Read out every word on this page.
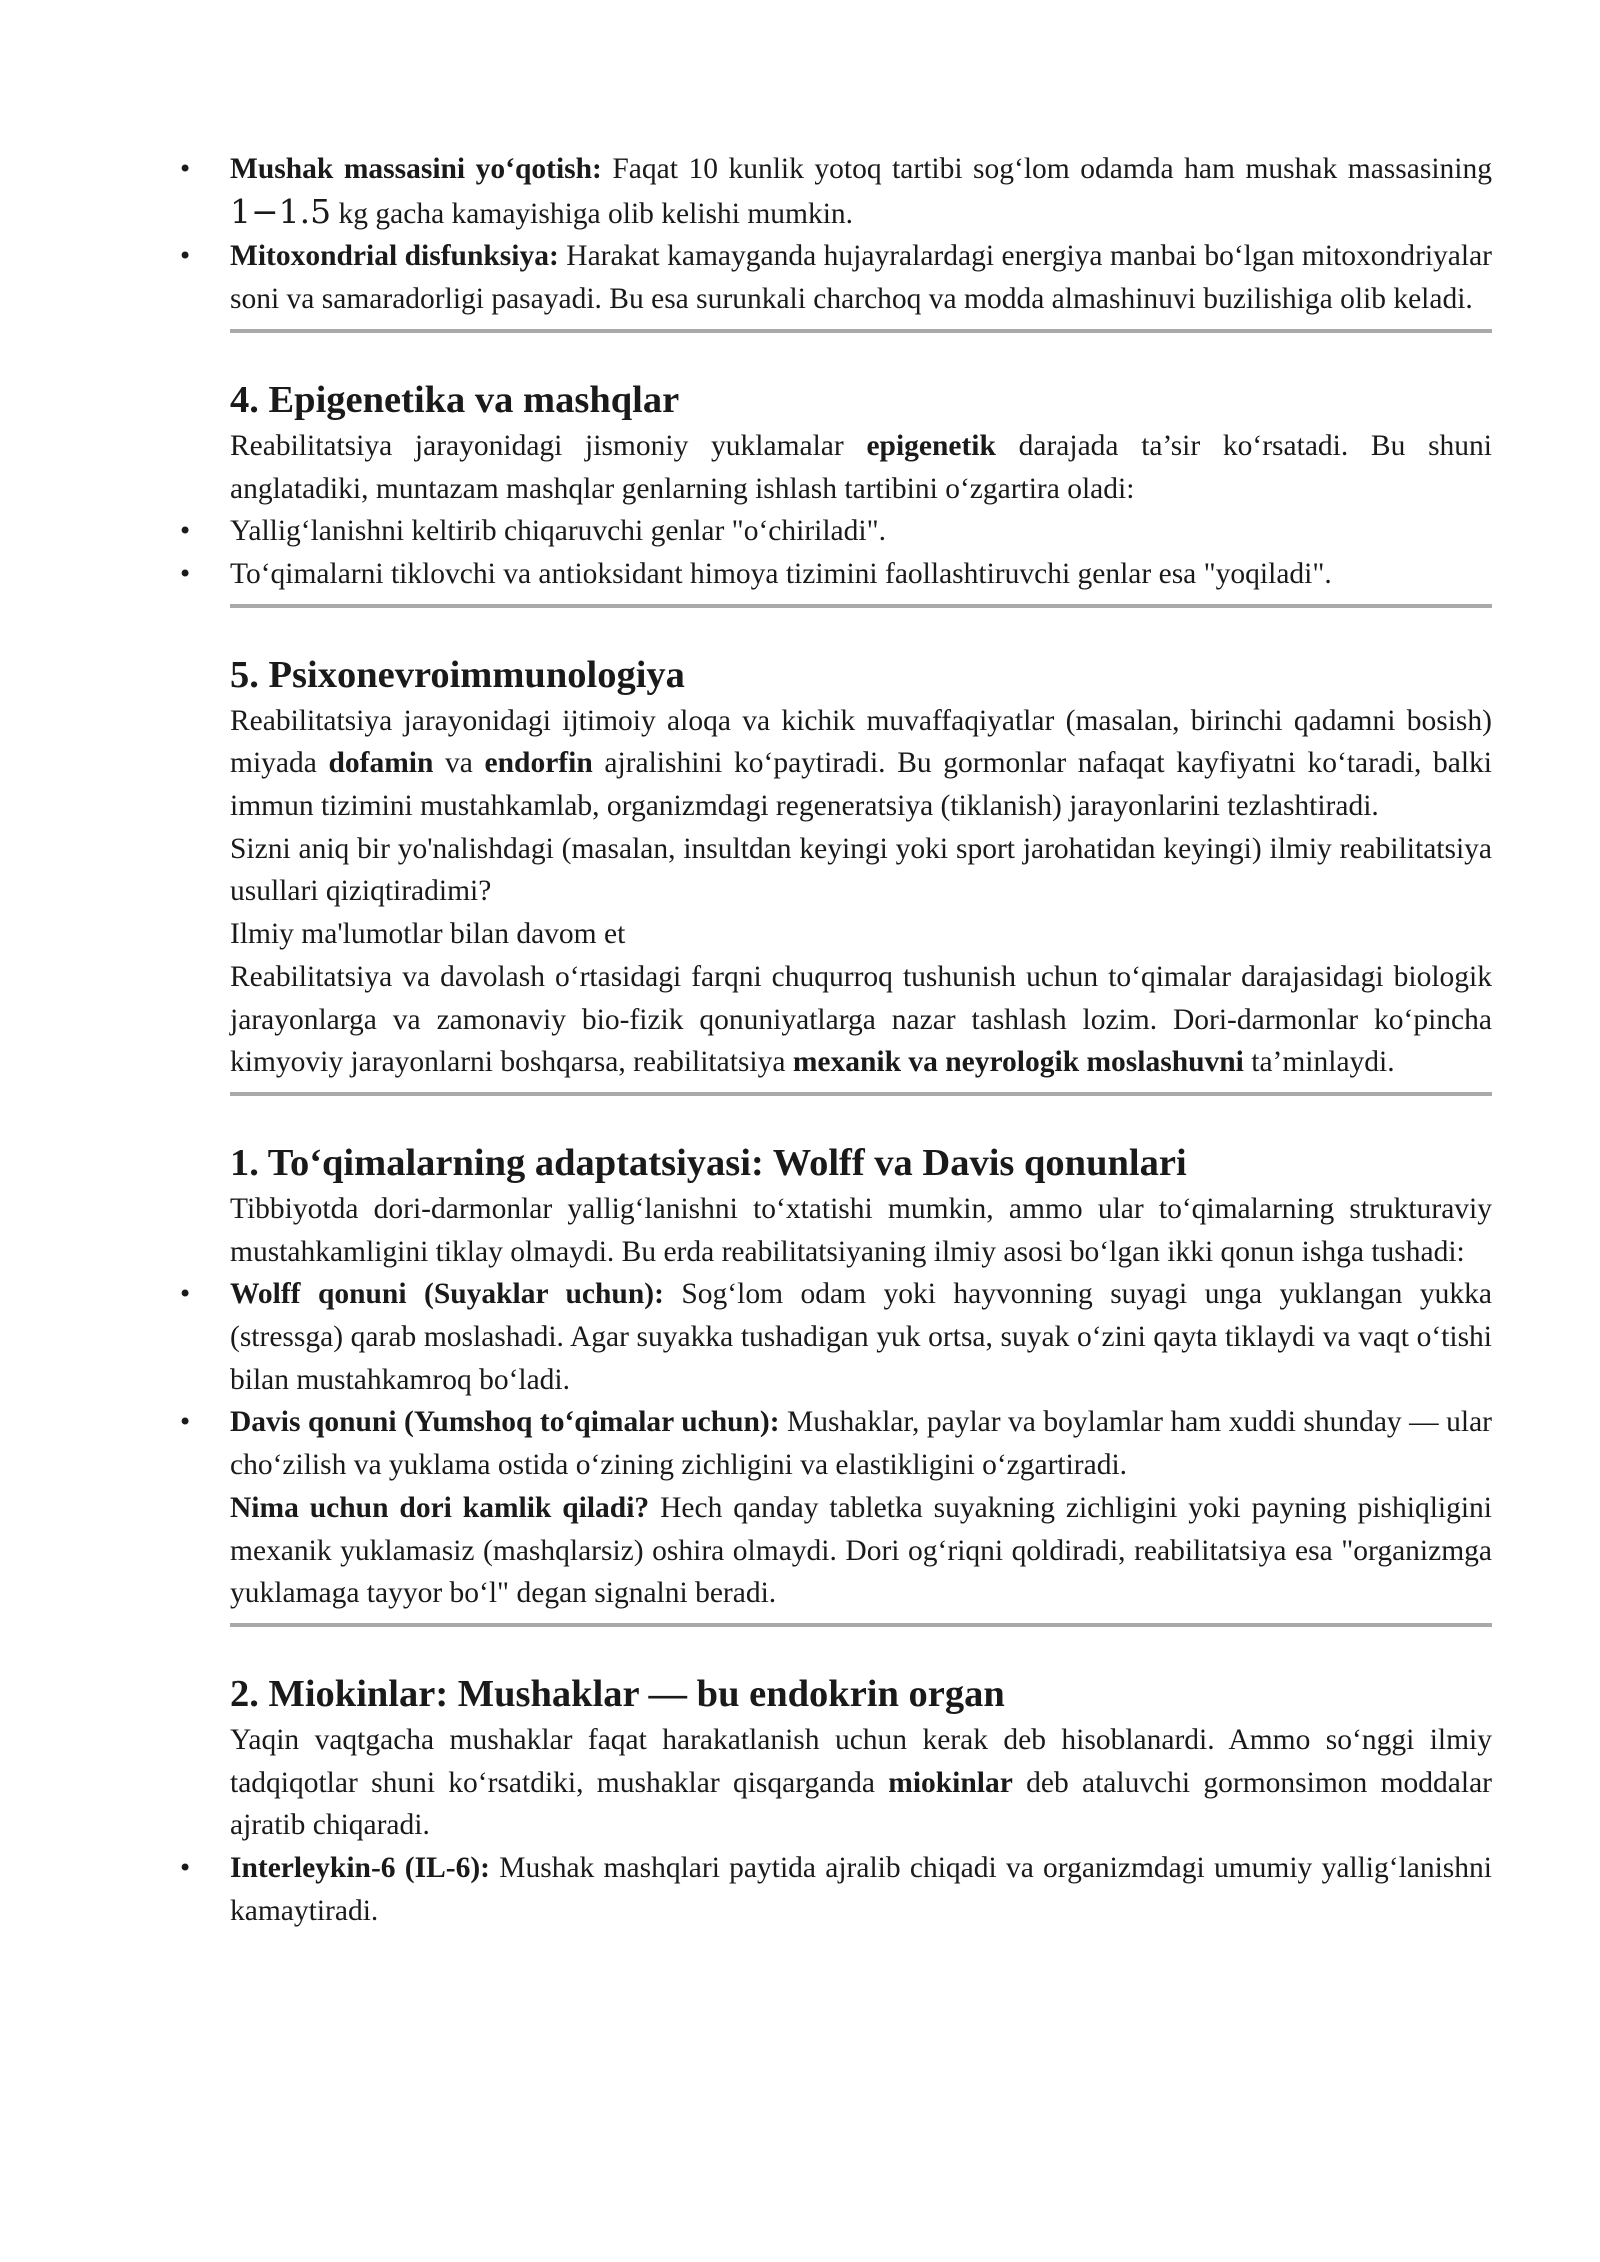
• Mushak massasini yo‘qotish: Faqat 10 kunlik yotoq tartibi sog‘lom odamda ham mushak massasining 1−1.5 kg gacha kamayishiga olib kelishi mumkin.
• Mitoxondrial disfunksiya: Harakat kamayganda hujayralardagi energiya manbai bo‘lgan mitoxondriyalar soni va samaradorligi pasayadi. Bu esa surunkali charchoq va modda almashinuvi buzilishiga olib keladi.
4. Epigenetika va mashqlar

Reabilitatsiya jarayonidagi jismoniy yuklamalar epigenetik darajada ta’sir ko‘rsatadi. Bu shuni anglatadiki, muntazam mashqlar genlarning ishlash tartibini o‘zgartira oladi:

• Yallig‘lanishni keltirib chiqaruvchi genlar "o‘chiriladi".
• To‘qimalarni tiklovchi va antioksidant himoya tizimini faollashtiruvchi genlar esa "yoqiladi".
5. Psixonevroimmunologiya

Reabilitatsiya jarayonidagi ijtimoiy aloqa va kichik muvaffaqiyatlar (masalan, birinchi qadamni bosish) miyada dofamin va endorfin ajralishini ko‘paytiradi. Bu gormonlar nafaqat kayfiyatni ko‘taradi, balki immun tizimini mustahkamlab, organizmdagi regeneratsiya (tiklanish) jarayonlarini tezlashtiradi.

Sizni aniq bir yo'nalishdagi (masalan, insultdan keyingi yoki sport jarohatidan keyingi) ilmiy reabilitatsiya usullari qiziqtiradimi?

Ilmiy ma'lumotlar bilan davom et

Reabilitatsiya va davolash o‘rtasidagi farqni chuqurroq tushunish uchun to‘qimalar darajasidagi biologik jarayonlarga va zamonaviy bio-fizik qonuniyatlarga nazar tashlash lozim. Dori-darmonlar ko‘pincha kimyoviy jarayonlarni boshqarsa, reabilitatsiya mexanik va neyrologik moslashuvni ta’minlaydi.

1. To‘qimalarning adaptatsiyasi: Wolff va Davis qonunlari

Tibbiyotda dori-darmonlar yallig‘lanishni to‘xtatishi mumkin, ammo ular to‘qimalarning strukturaviy mustahkamligini tiklay olmaydi. Bu erda reabilitatsiyaning ilmiy asosi bo‘lgan ikki qonun ishga tushadi:

• Wolff qonuni (Suyaklar uchun): Sog‘lom odam yoki hayvonning suyagi unga yuklangan yukka (stressga) qarab moslashadi. Agar suyakka tushadigan yuk ortsa, suyak o‘zini qayta tiklaydi va vaqt o‘tishi bilan mustahkamroq bo‘ladi.
• Davis qonuni (Yumshoq to‘qimalar uchun): Mushaklar, paylar va boylamlar ham xuddi shunday — ular cho‘zilish va yuklama ostida o‘zining zichligini va elastikligini o‘zgartiradi.

Nima uchun dori kamlik qiladi? Hech qanday tabletka suyakning zichligini yoki payning pishiqligini mexanik yuklamasiz (mashqlarsiz) oshira olmaydi. Dori og‘riqni qoldiradi, reabilitatsiya esa "organizmga yuklamaga tayyor bo‘l" degan signalni beradi.

2. Miokinlar: Mushaklar — bu endokrin organ

Yaqin vaqtgacha mushaklar faqat harakatlanish uchun kerak deb hisoblanardi. Ammo so‘nggi ilmiy tadqiqotlar shuni ko‘rsatdiki, mushaklar qisqarganda miokinlar deb ataluvchi gormonsimon moddalar ajratib chiqaradi.

• Interleykin-6 (IL-6): Mushak mashqlari paytida ajralib chiqadi va organizmdagi umumiy yallig‘lanishni kamaytiradi.
